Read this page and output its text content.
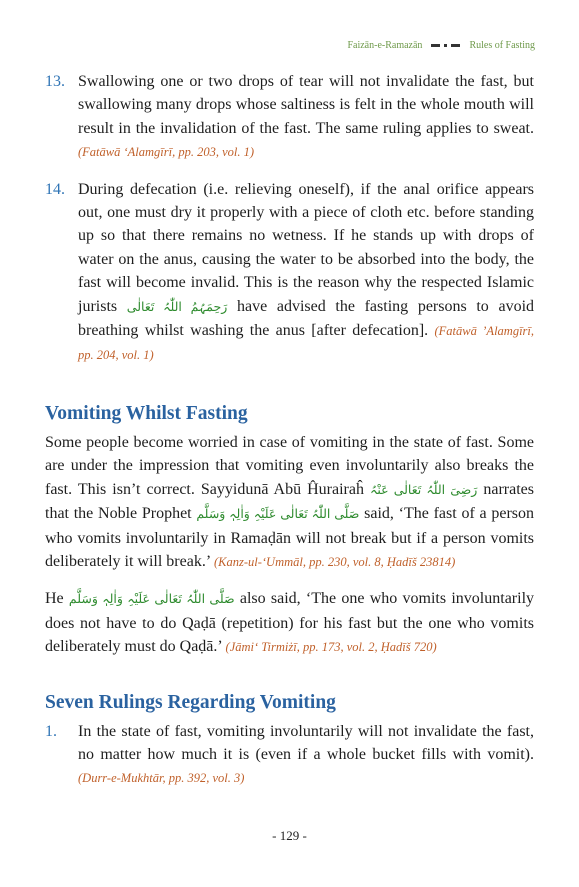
Faizān-e-Ramazān	Rules of Fasting
13. Swallowing one or two drops of tear will not invalidate the fast, but swallowing many drops whose saltiness is felt in the whole mouth will result in the invalidation of the fast. The same ruling applies to sweat. (Fatāwā ‘Alamgīrī, pp. 203, vol. 1)

14. During defecation (i.e. relieving oneself), if the anal orifice appears out, one must dry it properly with a piece of cloth etc. before standing up so that there remains no wetness. If he stands up with drops of water on the anus, causing the water to be absorbed into the body, the fast will become invalid. This is the reason why the respected Islamic jurists رَحِمَہُمُ اللّٰہُ تَعَالٰی have advised the fasting persons to avoid breathing whilst washing the anus [after defecation]. (Fatāwā ’Alamgīrī, pp. 204, vol. 1)

Vomiting Whilst Fasting

Some people become worried in case of vomiting in the state of fast. Some are under the impression that vomiting even involuntarily also breaks the fast. This isn’t correct. Sayyidunā Abū Ĥurairaĥ رَضِیَ اللّٰہُ تَعَالٰی عَنْہُ narrates that the Noble Prophet صَلَّی اللّٰہُ تَعَالٰی عَلَیْہِ وَاٰلِہٖ وَسَلَّم said, ‘The fast of a person who vomits involuntarily in Ramaḍān will not break but if a person vomits deliberately it will break.’ (Kanz-ul-‘Ummāl, pp. 230, vol. 8, Ḥadīš 23814)

He صَلَّی اللّٰہُ تَعَالٰی عَلَیْہِ وَاٰلِہٖ وَسَلَّم also said, ‘The one who vomits involuntarily does not have to do Qaḍā (repetition) for his fast but the one who vomits deliberately must do Qaḍā.’ (Jāmi‘ Tirmiżī, pp. 173, vol. 2, Ḥadīš 720)

Seven Rulings Regarding Vomiting
1. In the state of fast, vomiting involuntarily will not invalidate the fast, no matter how much it is (even if a whole bucket fills with vomit). (Durr-e-Mukhtār, pp. 392, vol. 3)

- 129 -
